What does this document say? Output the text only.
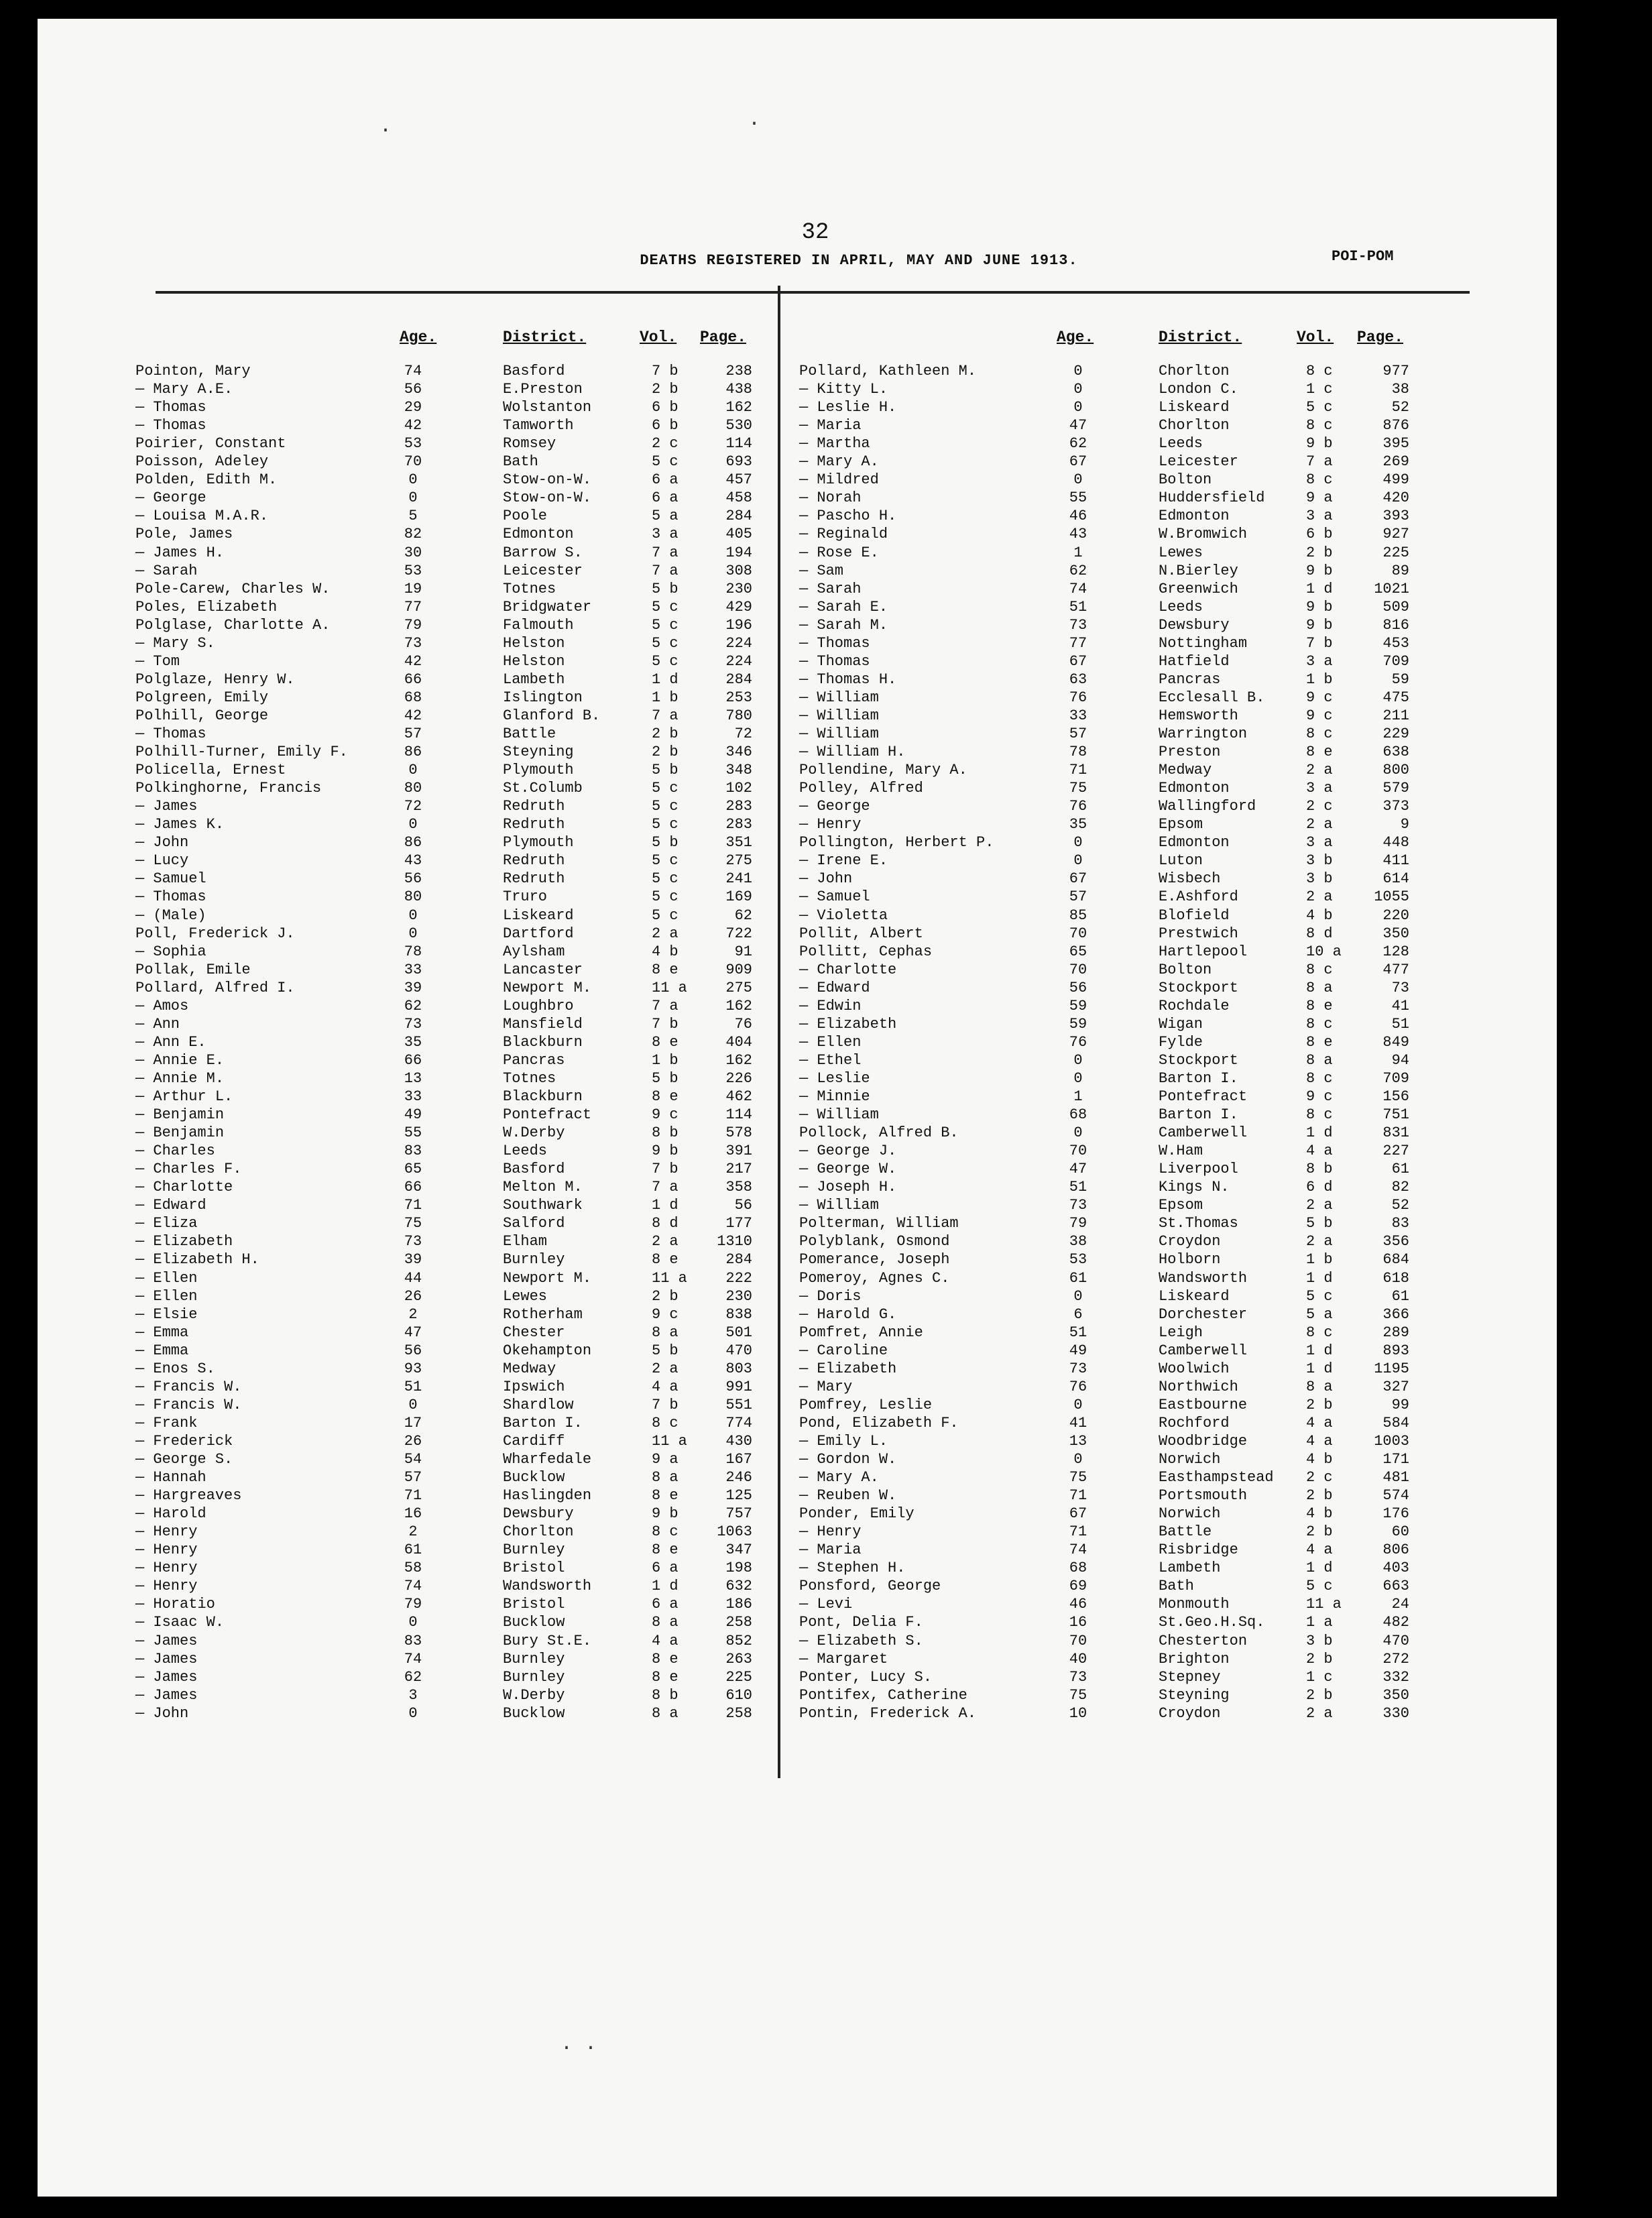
32
DEATHS REGISTERED IN APRIL, MAY AND JUNE 1913.	POI-POM
Age.	District.	Vol. Page.	Age.	District.	Vol. Page.
Pointon, Mary	74	Basford	7 b	238
— Mary A.E.	56	E.Preston	2 b	438
— Thomas	29	Wolstanton	6 b	162
— Thomas	42	Tamworth	6 b	530
Poirier, Constant	53	Romsey	2 c	114
Poisson, Adeley	70	Bath	5 c	693
Polden, Edith M.	0	Stow-on-W.	6 a	457
— George	0	Stow-on-W.	6 a	458
— Louisa M.A.R.	5	Poole	5 a	284
Pole, James	82	Edmonton	3 a	405
— James H.	30	Barrow S.	7 a	194
— Sarah	53	Leicester	7 a	308
Pole-Carew, Charles W.	19	Totnes	5 b	230
Poles, Elizabeth	77	Bridgwater	5 c	429
Polglase, Charlotte A.	79	Falmouth	5 c	196
— Mary S.	73	Helston	5 c	224
— Tom	42	Helston	5 c	224
Polglaze, Henry W.	66	Lambeth	1 d	284
Polgreen, Emily	68	Islington	1 b	253
Polhill, George	42	Glanford B.	7 a	780
— Thomas	57	Battle	2 b	72
Polhill-Turner, Emily F.	86	Steyning	2 b	346
Policella, Ernest	0	Plymouth	5 b	348
Polkinghorne, Francis	80	St.Columb	5 c	102
— James	72	Redruth	5 c	283
— James K.	0	Redruth	5 c	283
— John	86	Plymouth	5 b	351
— Lucy	43	Redruth	5 c	275
— Samuel	56	Redruth	5 c	241
— Thomas	80	Truro	5 c	169
— (Male)	0	Liskeard	5 c	62
Poll, Frederick J.	0	Dartford	2 a	722
— Sophia	78	Aylsham	4 b	91
Pollak, Emile	33	Lancaster	8 e	909
Pollard, Alfred I.	39	Newport M.	11 a	275
— Amos	62	Loughbro	7 a	162
— Ann	73	Mansfield	7 b	76
— Ann E.	35	Blackburn	8 e	404
— Annie E.	66	Pancras	1 b	162
— Annie M.	13	Totnes	5 b	226
— Arthur L.	33	Blackburn	8 e	462
— Benjamin	49	Pontefract	9 c	114
— Benjamin	55	W.Derby	8 b	578
— Charles	83	Leeds	9 b	391
— Charles F.	65	Basford	7 b	217
— Charlotte	66	Melton M.	7 a	358
— Edward	71	Southwark	1 d	56
— Eliza	75	Salford	8 d	177
— Elizabeth	73	Elham	2 a	1310
— Elizabeth H.	39	Burnley	8 e	284
— Ellen	44	Newport M.	11 a	222
— Ellen	26	Lewes	2 b	230
— Elsie	2	Rotherham	9 c	838
— Emma	47	Chester	8 a	501
— Emma	56	Okehampton	5 b	470
— Enos S.	93	Medway	2 a	803
— Francis W.	51	Ipswich	4 a	991
— Francis W.	0	Shardlow	7 b	551
— Frank	17	Barton I.	8 c	774
— Frederick	26	Cardiff	11 a	430
— George S.	54	Wharfedale	9 a	167
— Hannah	57	Bucklow	8 a	246
— Hargreaves	71	Haslingden	8 e	125
— Harold	16	Dewsbury	9 b	757
— Henry	2	Chorlton	8 c	1063
— Henry	61	Burnley	8 e	347
— Henry	58	Bristol	6 a	198
— Henry	74	Wandsworth	1 d	632
— Horatio	79	Bristol	6 a	186
— Isaac W.	0	Bucklow	8 a	258
— James	83	Bury St.E.	4 a	852
— James	74	Burnley	8 e	263
— James	62	Burnley	8 e	225
— James	3	W.Derby	8 b	610
— John	0	Bucklow	8 a	258
Pollard, Kathleen M.	0	Chorlton	8 c	977
— Kitty L.	0	London C.	1 c	38
— Leslie H.	0	Liskeard	5 c	52
— Maria	47	Chorlton	8 c	876
— Martha	62	Leeds	9 b	395
— Mary A.	67	Leicester	7 a	269
— Mildred	0	Bolton	8 c	499
— Norah	55	Huddersfield	9 a	420
— Pascho H.	46	Edmonton	3 a	393
— Reginald	43	W.Bromwich	6 b	927
— Rose E.	1	Lewes	2 b	225
— Sam	62	N.Bierley	9 b	89
— Sarah	74	Greenwich	1 d	1021
— Sarah E.	51	Leeds	9 b	509
— Sarah M.	73	Dewsbury	9 b	816
— Thomas	77	Nottingham	7 b	453
— Thomas	67	Hatfield	3 a	709
— Thomas H.	63	Pancras	1 b	59
— William	76	Ecclesall B.	9 c	475
— William	33	Hemsworth	9 c	211
— William	57	Warrington	8 c	229
— William H.	78	Preston	8 e	638
Pollendine, Mary A.	71	Medway	2 a	800
Polley, Alfred	75	Edmonton	3 a	579
— George	76	Wallingford	2 c	373
— Henry	35	Epsom	2 a	9
Pollington, Herbert P.	0	Edmonton	3 a	448
— Irene E.	0	Luton	3 b	411
— John	67	Wisbech	3 b	614
— Samuel	57	E.Ashford	2 a	1055
— Violetta	85	Blofield	4 b	220
Pollit, Albert	70	Prestwich	8 d	350
Pollitt, Cephas	65	Hartlepool	10 a	128
— Charlotte	70	Bolton	8 c	477
— Edward	56	Stockport	8 a	73
— Edwin	59	Rochdale	8 e	41
— Elizabeth	59	Wigan	8 c	51
— Ellen	76	Fylde	8 e	849
— Ethel	0	Stockport	8 a	94
— Leslie	0	Barton I.	8 c	709
— Minnie	1	Pontefract	9 c	156
— William	68	Barton I.	8 c	751
Pollock, Alfred B.	0	Camberwell	1 d	831
— George J.	70	W.Ham	4 a	227
— George W.	47	Liverpool	8 b	61
— Joseph H.	51	Kings N.	6 d	82
— William	73	Epsom	2 a	52
Polterman, William	79	St.Thomas	5 b	83
Polyblank, Osmond	38	Croydon	2 a	356
Pomerance, Joseph	53	Holborn	1 b	684
Pomeroy, Agnes C.	61	Wandsworth	1 d	618
— Doris	0	Liskeard	5 c	61
— Harold G.	6	Dorchester	5 a	366
Pomfret, Annie	51	Leigh	8 c	289
— Caroline	49	Camberwell	1 d	893
— Elizabeth	73	Woolwich	1 d	1195
— Mary	76	Northwich	8 a	327
Pomfrey, Leslie	0	Eastbourne	2 b	99
Pond, Elizabeth F.	41	Rochford	4 a	584
— Emily L.	13	Woodbridge	4 a	1003
— Gordon W.	0	Norwich	4 b	171
— Mary A.	75	Easthampstead 2 c	481
— Reuben W.	71	Portsmouth	2 b	574
Ponder, Emily	67	Norwich	4 b	176
— Henry	71	Battle	2 b	60
— Maria	74	Risbridge	4 a	806
— Stephen H.	68	Lambeth	1 d	403
Ponsford, George	69	Bath	5 c	663
— Levi	46	Monmouth	11 a	24
Pont, Delia F.	16	St.Geo.H.Sq.	1 a	482
— Elizabeth S.	70	Chesterton	3 b	470
— Margaret	40	Brighton	2 b	272
Ponter, Lucy S.	73	Stepney	1 c	332
Pontifex, Catherine	75	Steyning	2 b	350
Pontin, Frederick A.	10	Croydon	2 a	330
·	·
· ·
